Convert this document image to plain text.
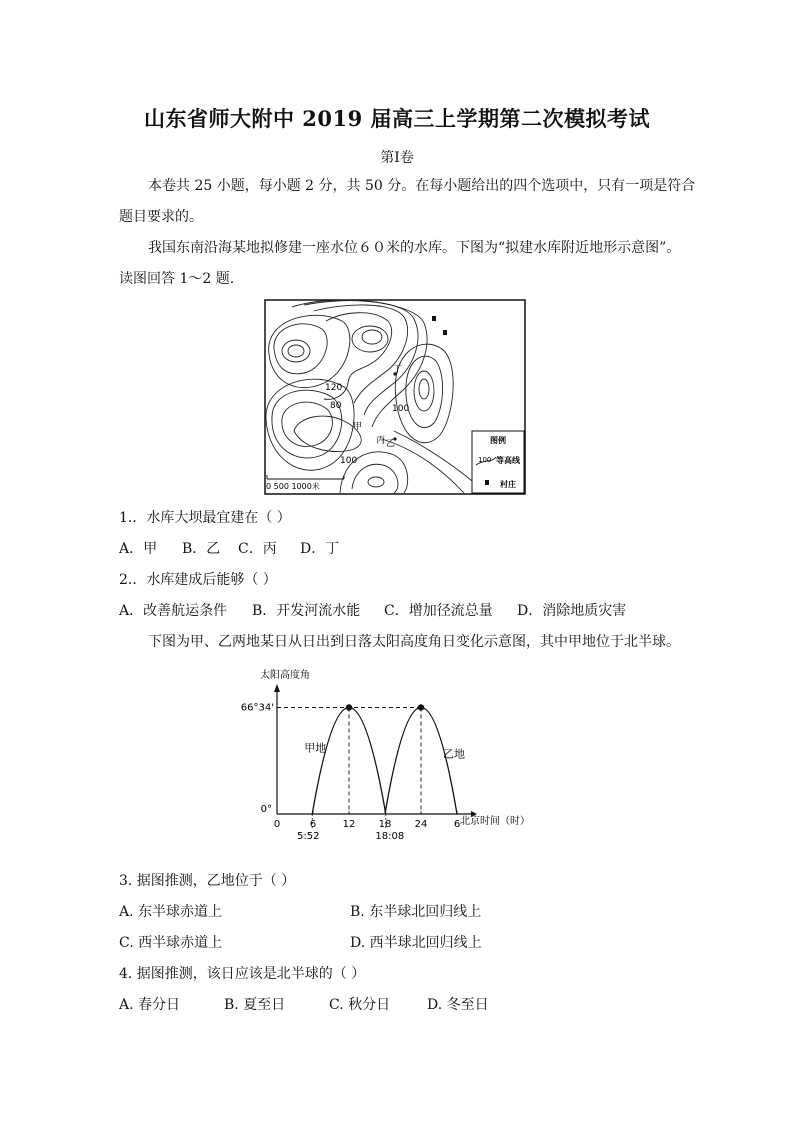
山东省师大附中 2019 届高三上学期第二次模拟考试
第Ⅰ卷
本卷共 25 小题，每小题 2 分，共 50 分。在每小题给出的四个选项中，只有一项是符合
题目要求的。
我国东南沿海某地拟修建一座水位６０米的水库。下图为“拟建水库附近地形示意图”。
读图回答 1～2 题.
120
80	100
100
甲
丙
丁
乙
0 500 1000米
图例
100 等高线
村庄
1.．水库大坝最宜建在（ ）
A．甲 B．乙 C．丙 D．丁
2.．水库建成后能够（ ）
A．改善航运条件 B．开发河流水能 C．增加径流总量 D．消除地质灾害
下图为甲、乙两地某日从日出到日落太阳高度角日变化示意图，其中甲地位于北半球。
太阳高度角
北京时间（时）
0	6	12 18 24	6
5:52	18:08
0°
66°34'
甲地	乙地
3. 据图推测，乙地位于（ ）
A. 东半球赤道上	B. 东半球北回归线上
C. 西半球赤道上	D. 西半球北回归线上
4. 据图推测，该日应该是北半球的（ ）
A. 春分日	B. 夏至日	C. 秋分日	D. 冬至日
